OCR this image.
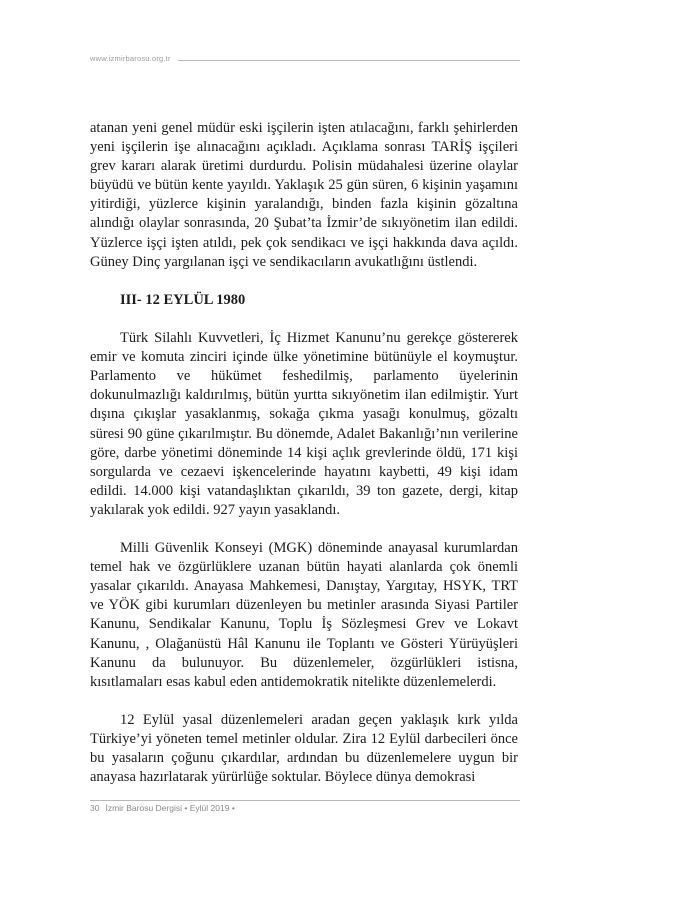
www.izmirbarosu.org.tr

atanan yeni genel müdür eski işçilerin işten atılacağını, farklı şehirlerden yeni işçilerin işe alınacağını açıkladı. Açıklama sonrası TARİŞ işçileri grev kararı alarak üretimi durdurdu. Polisin müdahalesi üzerine olaylar büyüdü ve bütün kente yayıldı. Yaklaşık 25 gün süren, 6 kişinin yaşamını yitirdiği, yüzlerce kişinin yaralandığı, binden fazla kişinin gözaltına alındığı olaylar sonrasında, 20 Şubat’ta İzmir’de sıkıyönetim ilan edildi. Yüzlerce işçi işten atıldı, pek çok sendikacı ve işçi hakkında dava açıldı. Güney Dinç yargılanan işçi ve sendikacıların avukatlığını üstlendi.

III- 12 EYLÜL 1980

Türk Silahlı Kuvvetleri, İç Hizmet Kanunu’nu gerekçe göstererek emir ve komuta zinciri içinde ülke yönetimine bütünüyle el koymuştur. Parlamento ve hükümet feshedilmiş, parlamento üyelerinin dokunulmazlığı kaldırılmış, bütün yurtta sıkıyönetim ilan edilmiştir. Yurt dışına çıkışlar yasaklanmış, sokağa çıkma yasağı konulmuş, gözaltı süresi 90 güne çıkarılmıştır. Bu dönemde, Adalet Bakanlığı’nın verilerine göre, darbe yönetimi döneminde 14 kişi açlık grevlerinde öldü, 171 kişi sorgularda ve cezaevi işkencelerinde hayatını kaybetti, 49 kişi idam edildi. 14.000 kişi vatandaşlıktan çıkarıldı, 39 ton gazete, dergi, kitap yakılarak yok edildi. 927 yayın yasaklandı.

Milli Güvenlik Konseyi (MGK) döneminde anayasal kurumlardan temel hak ve özgürlüklere uzanan bütün hayati alanlarda çok önemli yasalar çıkarıldı. Anayasa Mahkemesi, Danıştay, Yargıtay, HSYK, TRT ve YÖK gibi kurumları düzenleyen bu metinler arasında Siyasi Partiler Kanunu, Sendikalar Kanunu, Toplu İş Sözleşmesi Grev ve Lokavt Kanunu, , Olağanüstü Hâl Kanunu ile Toplantı ve Gösteri Yürüyüşleri Kanunu da bulunuyor. Bu düzenlemeler, özgürlükleri istisna, kısıtlamaları esas kabul eden antidemokratik nitelikte düzenlemelerdi.

12 Eylül yasal düzenlemeleri aradan geçen yaklaşık kırk yılda Türkiye’yi yöneten temel metinler oldular. Zira 12 Eylül darbecileri önce bu yasaların çoğunu çıkardılar, ardından bu düzenlemelere uygun bir anayasa hazırlatarak yürürlüğe soktular. Böylece dünya demokrasi

30 İzmir Barosu Dergisi • Eylül 2019 •
